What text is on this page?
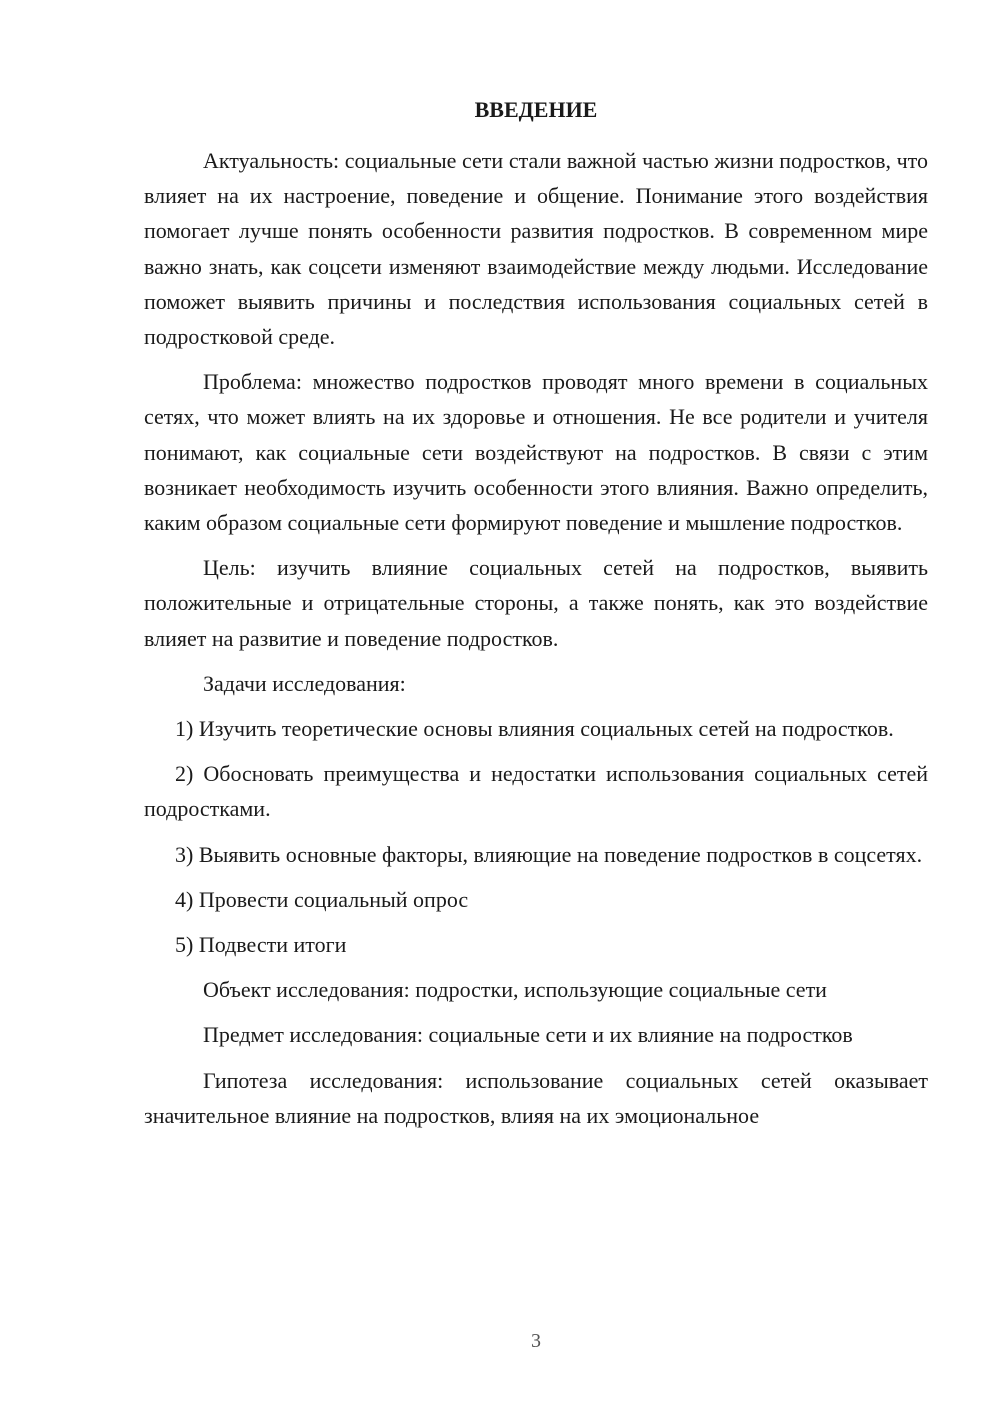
ВВЕДЕНИЕ

Актуальность: социальные сети стали важной частью жизни подростков, что влияет на их настроение, поведение и общение. Понимание этого воздействия помогает лучше понять особенности развития подростков. В современном мире важно знать, как соцсети изменяют взаимодействие между людьми. Исследование поможет выявить причины и последствия использования социальных сетей в подростковой среде.

Проблема: множество подростков проводят много времени в социальных сетях, что может влиять на их здоровье и отношения. Не все родители и учителя понимают, как социальные сети воздействуют на подростков. В связи с этим возникает необходимость изучить особенности этого влияния. Важно определить, каким образом социальные сети формируют поведение и мышление подростков.

Цель: изучить влияние социальных сетей на подростков, выявить положительные и отрицательные стороны, а также понять, как это воздействие влияет на развитие и поведение подростков.

Задачи исследования:

1) Изучить теоретические основы влияния социальных сетей на подростков.

2) Обосновать преимущества и недостатки использования социальных сетей подростками.

3) Выявить основные факторы, влияющие на поведение подростков в соцсетях.

4) Провести социальный опрос

5) Подвести итоги

Объект исследования: подростки, использующие социальные сети

Предмет исследования: социальные сети и их влияние на подростков

Гипотеза исследования: использование социальных сетей оказывает значительное влияние на подростков, влияя на их эмоциональное

3
